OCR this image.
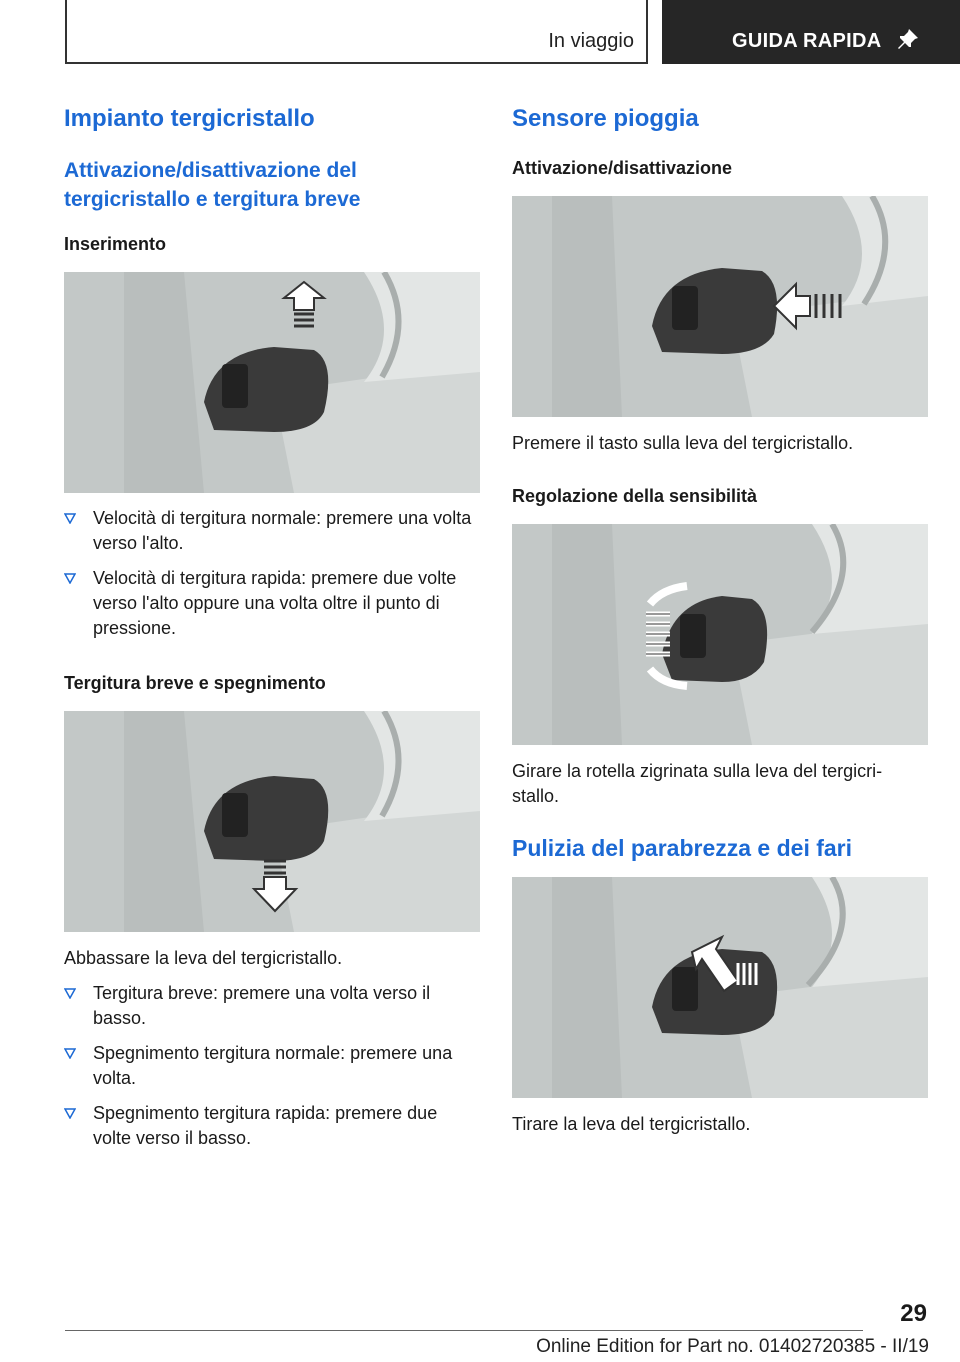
In viaggio	GUIDA RAPIDA
Impianto tergicristallo
Attivazione/disattivazione del tergicristallo e tergitura breve
Inserimento
Velocità di tergitura normale: premere una volta verso l'alto.
Velocità di tergitura rapida: premere due volte verso l'alto oppure una volta oltre il punto di pressione.
Tergitura breve e spegnimento
Abbassare la leva del tergicristallo.
Tergitura breve: premere una volta verso il basso.
Spegnimento tergitura normale: premere una volta.
Spegnimento tergitura rapida: premere due volte verso il basso.
Sensore pioggia
Attivazione/disattivazione
Premere il tasto sulla leva del tergicristallo.
Regolazione della sensibilità
Girare la rotella zigrinata sulla leva del tergicri-stallo.
Pulizia del parabrezza e dei fari
Tirare la leva del tergicristallo.
29
Online Edition for Part no. 01402720385 - II/19
